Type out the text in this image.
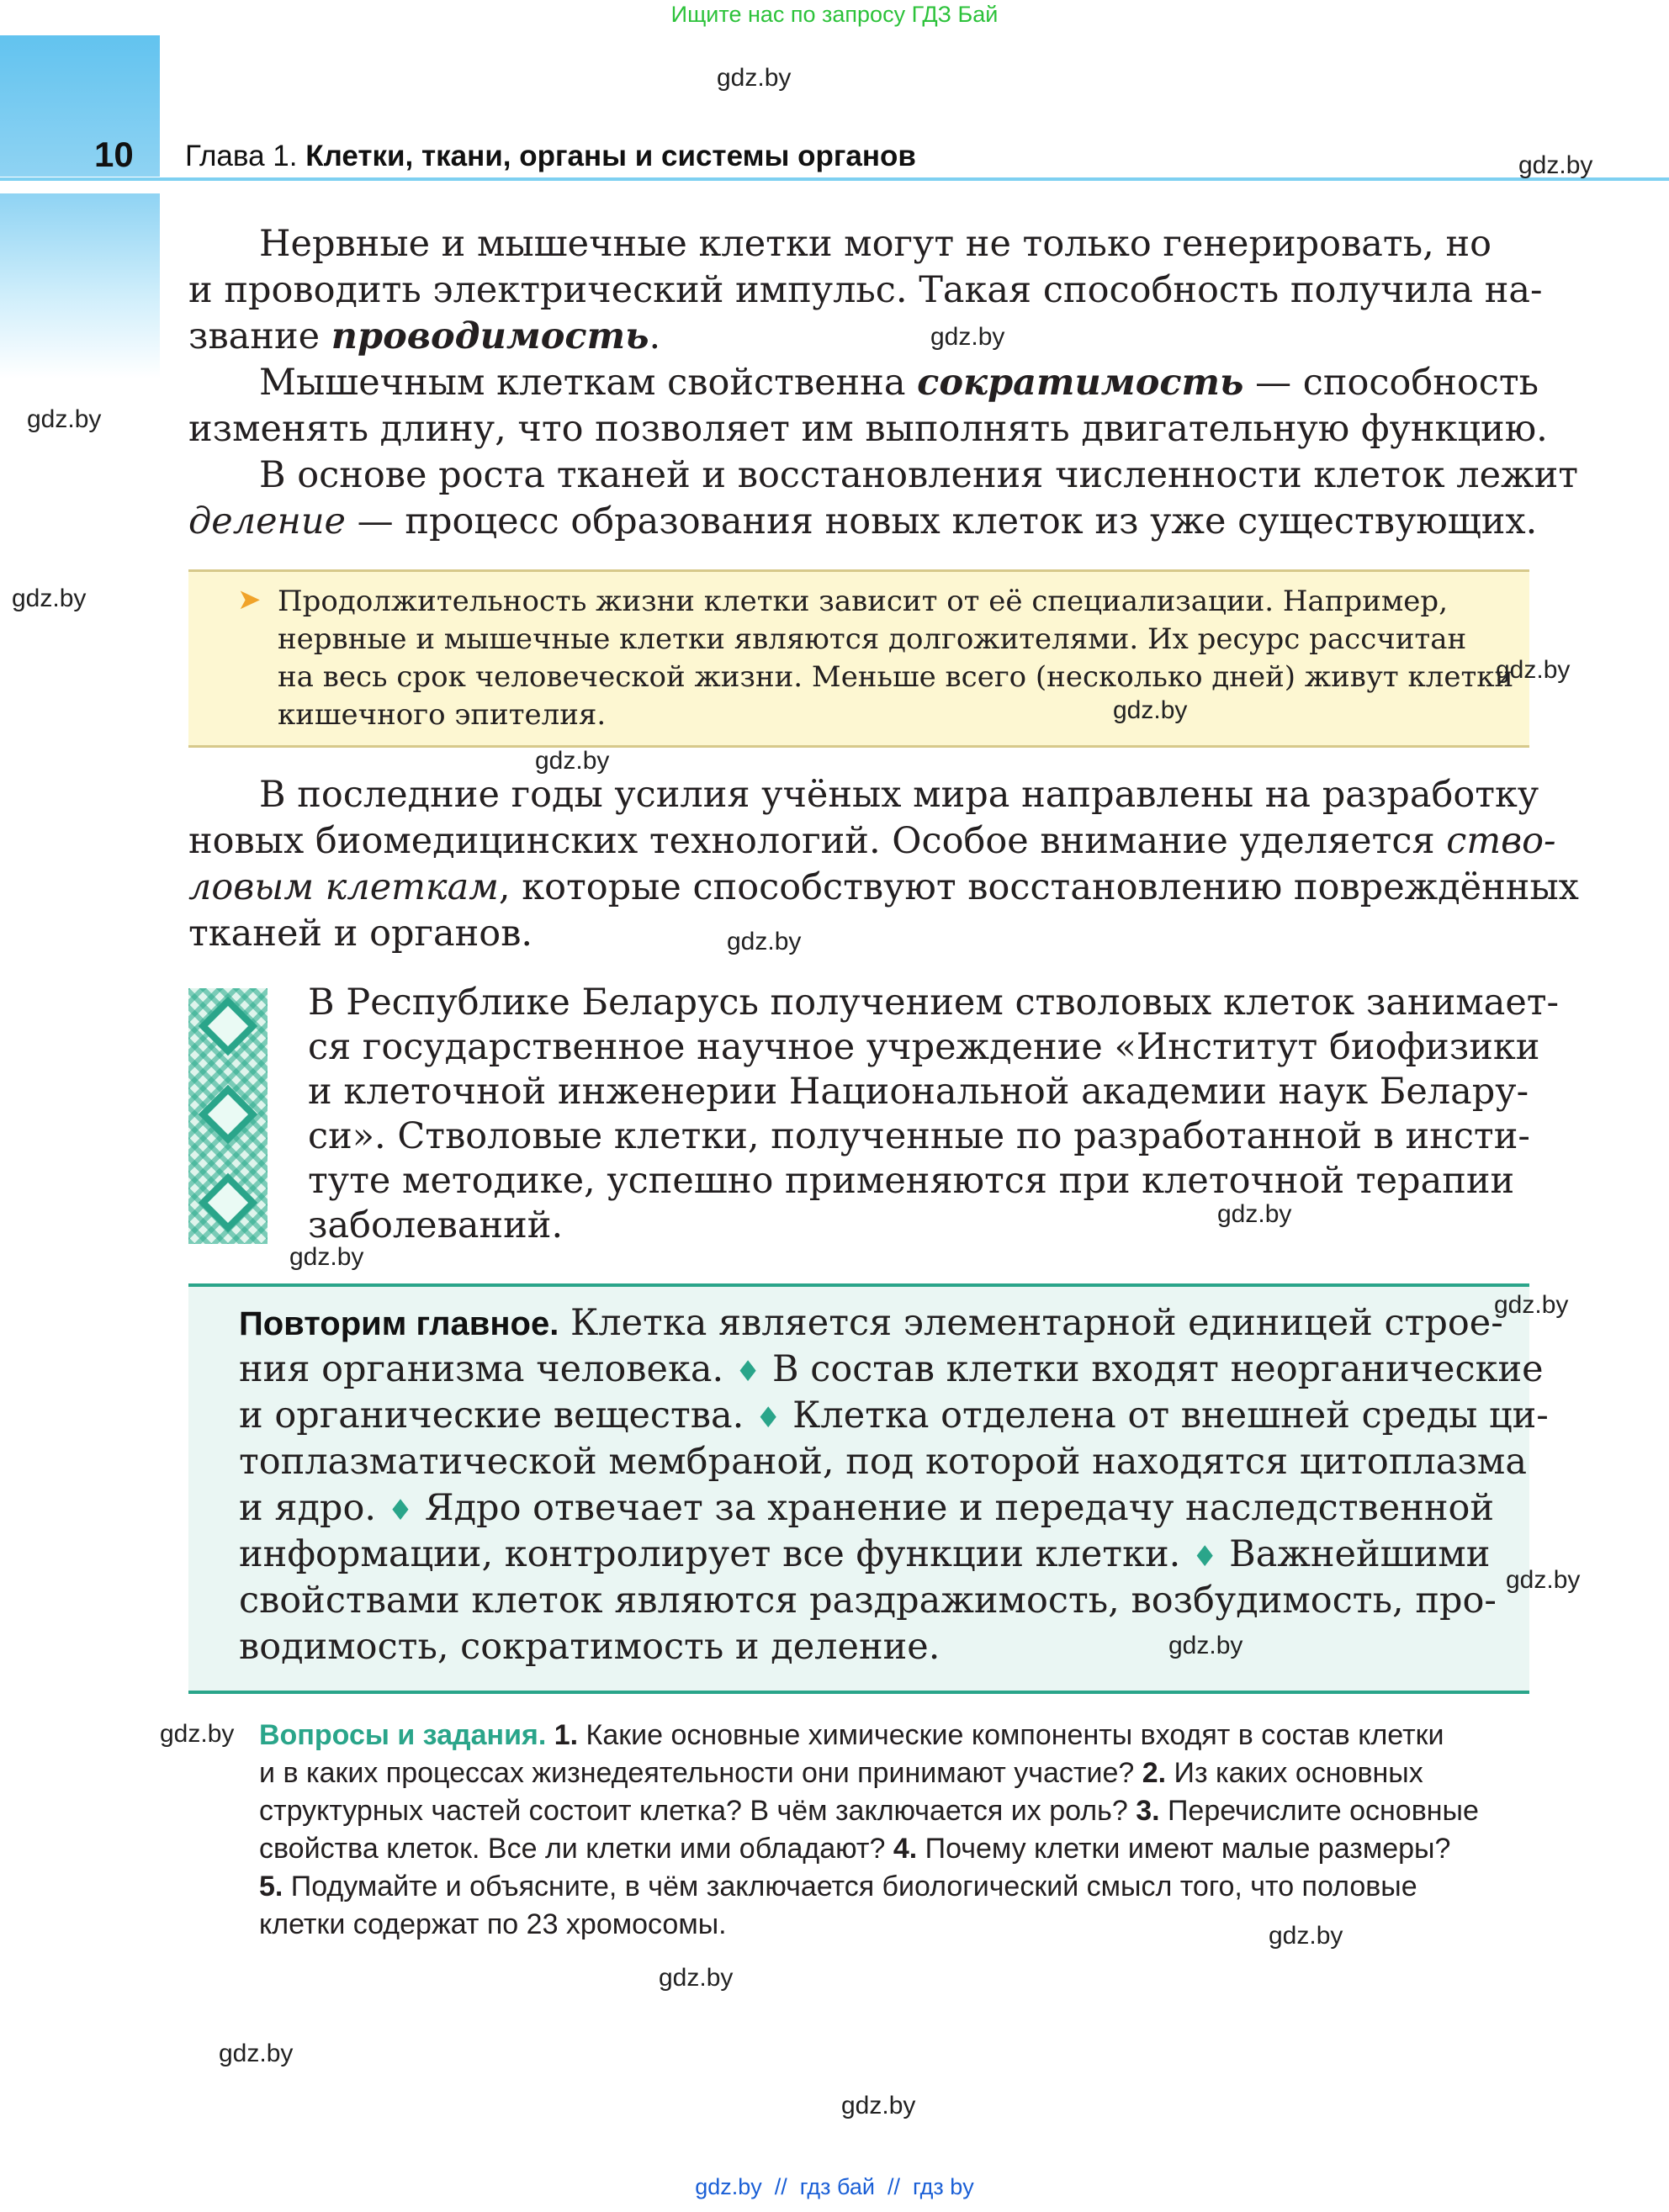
Ищите нас по запросу ГДЗ Бай
10 Глава 1. Клетки, ткани, органы и системы органов
Нервные и мышечные клетки могут не только генерировать, но
и проводить электрический импульс. Такая способность получила на-
звание проводимость.
Мышечным клеткам свойственна сократимость — способность
изменять длину, что позволяет им выполнять двигательную функцию.
В основе роста тканей и восстановления численности клеток лежит
деление — процесс образования новых клеток из уже существующих.
➤ Продолжительность жизни клетки зависит от её специализации. Например,
нервные и мышечные клетки являются долгожителями. Их ресурс рассчитан
на весь срок человеческой жизни. Меньше всего (несколько дней) живут клетки
кишечного эпителия.
В последние годы усилия учёных мира направлены на разработку
новых биомедицинских технологий. Особое внимание уделяется ство-
ловым клеткам, которые способствуют восстановлению повреждённых
тканей и органов.
В Республике Беларусь получением стволовых клеток занимает-
ся государственное научное учреждение «Институт биофизики
и клеточной инженерии Национальной академии наук Белару-
си». Стволовые клетки, полученные по разработанной в инсти-
туте методике, успешно применяются при клеточной терапии
заболеваний.
Повторим главное. Клетка является элементарной единицей строе-
ния организма человека. ♦ В состав клетки входят неорганические
и органические вещества. ♦ Клетка отделена от внешней среды ци-
топлазматической мембраной, под которой находятся цитоплазма
и ядро. ♦ Ядро отвечает за хранение и передачу наследственной
информации, контролирует все функции клетки. ♦ Важнейшими
свойствами клеток являются раздражимость, возбудимость, про-
водимость, сократимость и деление.
Вопросы и задания. 1. Какие основные химические компоненты входят в состав клетки
и в каких процессах жизнедеятельности они принимают участие? 2. Из каких основных
структурных частей состоит клетка? В чём заключается их роль? 3. Перечислите основные
свойства клеток. Все ли клетки ими обладают? 4. Почему клетки имеют малые размеры?
5. Подумайте и объясните, в чём заключается биологический смысл того, что половые
клетки содержат по 23 хромосомы.
gdz.by
gdz.by
gdz.by
gdz.by
gdz.by
gdz.by
gdz.by
gdz.by
gdz.by
gdz.by
gdz.by
gdz.by
gdz.by
gdz.by
gdz.by
gdz.by
gdz.by
gdz.by
gdz.by
gdz.by  //  гдз бай  //  гдз by
